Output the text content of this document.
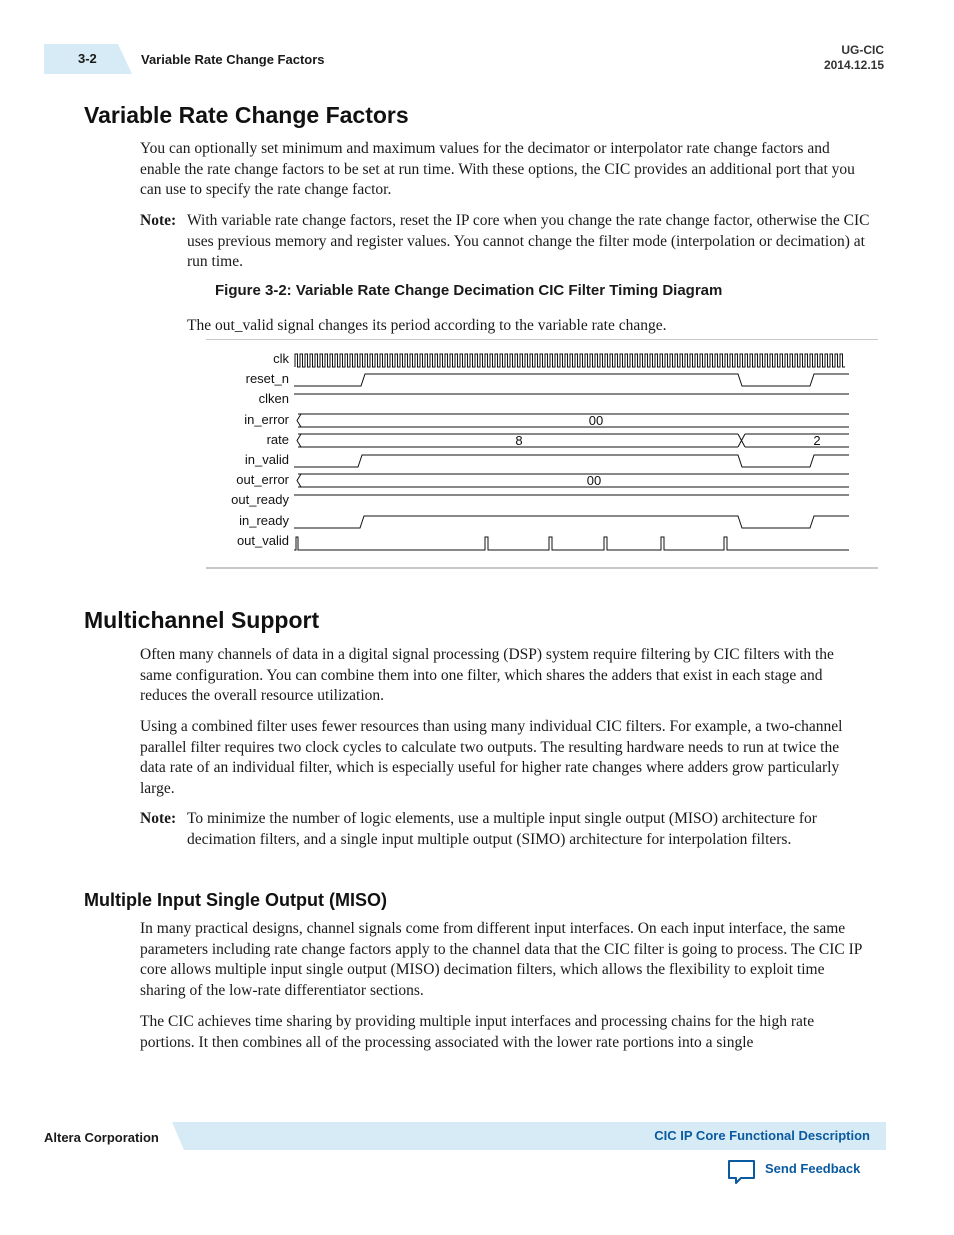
3-2	Variable Rate Change Factors
UG-CIC
2014.12.15
Variable Rate Change Factors

You can optionally set minimum and maximum values for the decimator or interpolator rate change factors and enable the rate change factors to be set at run time. With these options, the CIC provides an additional port that you can use to specify the rate change factor.

Note: With variable rate change factors, reset the IP core when you change the rate change factor, otherwise the CIC uses previous memory and register values. You cannot change the filter mode (interpolation or decimation) at run time.
Figure 3-2: Variable Rate Change Decimation CIC Filter Timing Diagram
The out_valid signal changes its period according to the variable rate change.
clk
reset_n
clken
in_error
rate
in_valid
out_error
out_ready
in_ready
out_valid
00
8	2
00
Multichannel Support

Often many channels of data in a digital signal processing (DSP) system require filtering by CIC filters with the same configuration. You can combine them into one filter, which shares the adders that exist in each stage and reduces the overall resource utilization.

Using a combined filter uses fewer resources than using many individual CIC filters. For example, a two-channel parallel filter requires two clock cycles to calculate two outputs. The resulting hardware needs to run at twice the data rate of an individual filter, which is especially useful for higher rate changes where adders grow particularly large.

Note: To minimize the number of logic elements, use a multiple input single output (MISO) architecture for decimation filters, and a single input multiple output (SIMO) architecture for interpolation filters.
Multiple Input Single Output (MISO)

In many practical designs, channel signals come from different input interfaces. On each input interface, the same parameters including rate change factors apply to the channel data that the CIC filter is going to process. The CIC IP core allows multiple input single output (MISO) decimation filters, which allows the flexibility to exploit time sharing of the low-rate differentiator sections.

The CIC achieves time sharing by providing multiple input interfaces and processing chains for the high rate portions. It then combines all of the processing associated with the lower rate portions into a single

Altera Corporation	CIC IP Core Functional Description
Send Feedback
